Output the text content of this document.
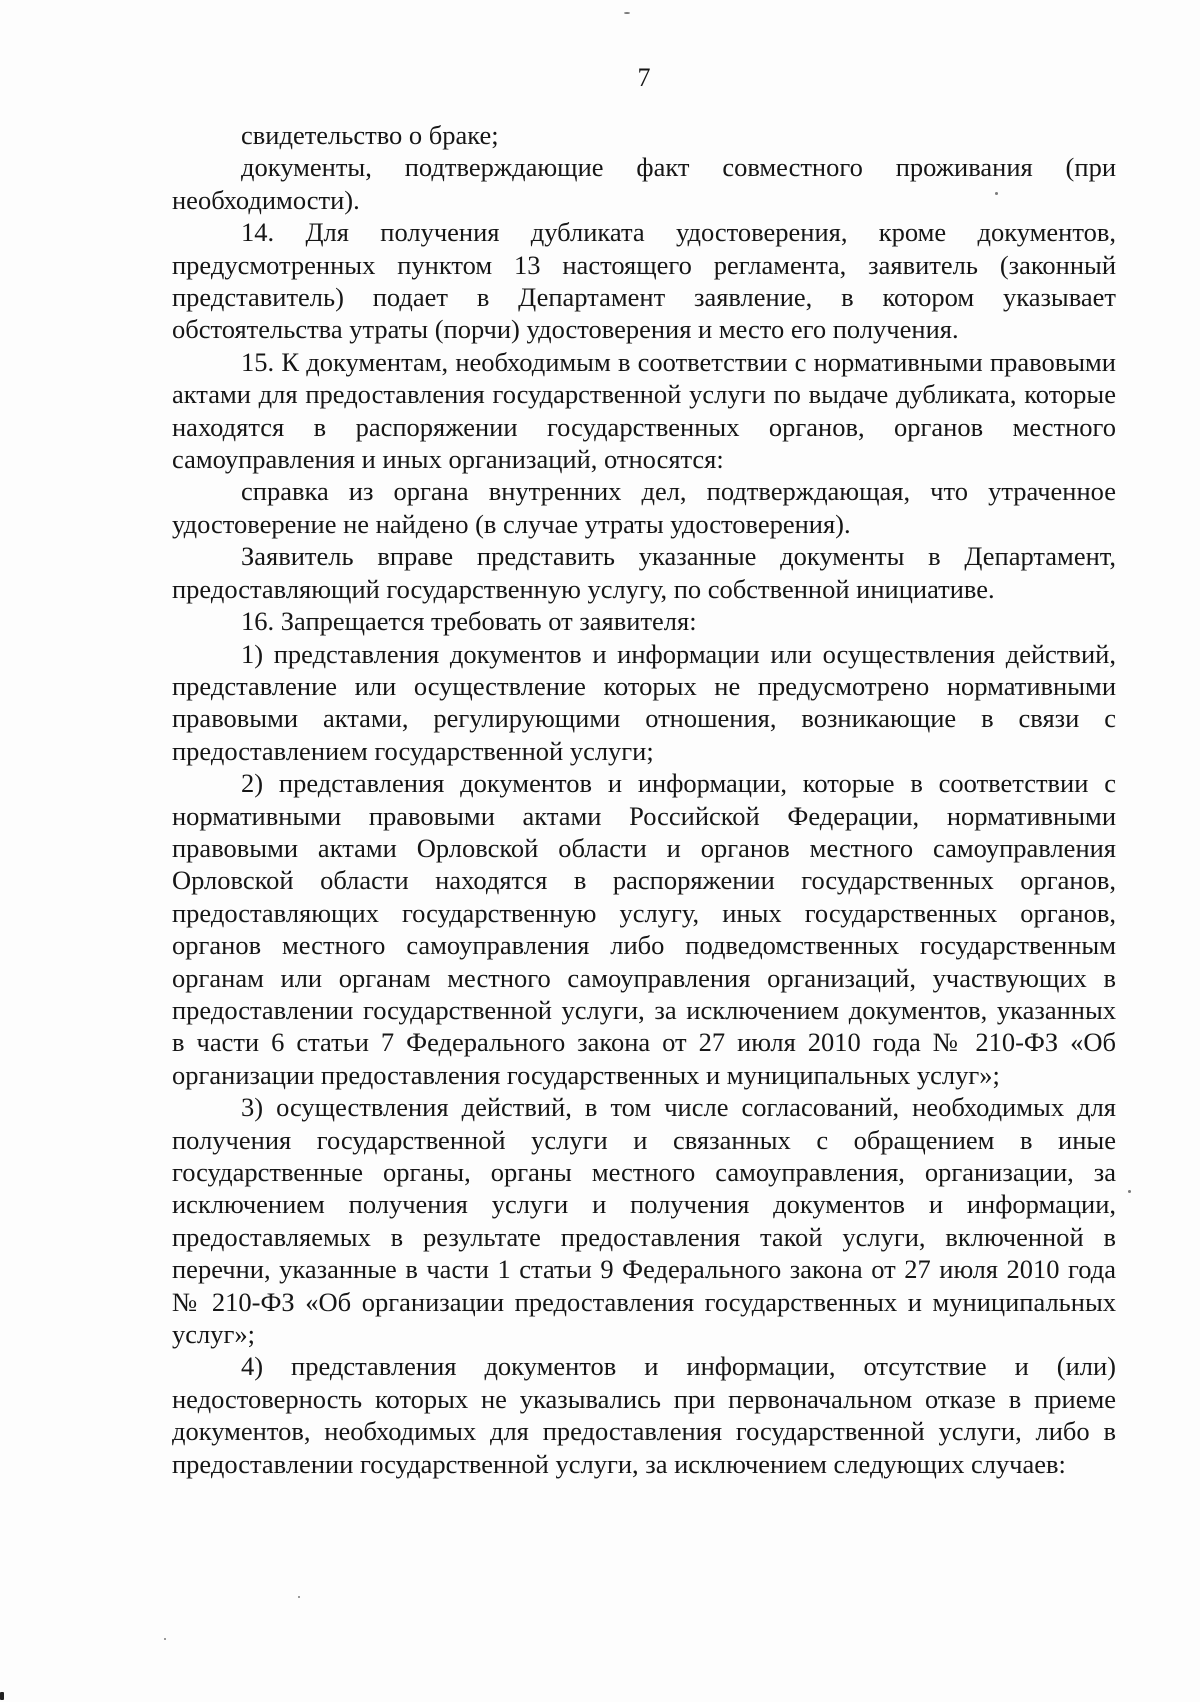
7

свидетельство о браке;

документы, подтверждающие факт совместного проживания (при необходимости).

14. Для получения дубликата удостоверения, кроме документов, предусмотренных пунктом 13 настоящего регламента, заявитель (законный представитель) подает в Департамент заявление, в котором указывает обстоятельства утраты (порчи) удостоверения и место его получения.

15. К документам, необходимым в соответствии с нормативными правовыми актами для предоставления государственной услуги по выдаче дубликата, которые находятся в распоряжении государственных органов, органов местного самоуправления и иных организаций, относятся:

справка из органа внутренних дел, подтверждающая, что утраченное удостоверение не найдено (в случае утраты удостоверения).

Заявитель вправе представить указанные документы в Департамент, предоставляющий государственную услугу, по собственной инициативе.

16. Запрещается требовать от заявителя:

1) представления документов и информации или осуществления действий, представление или осуществление которых не предусмотрено нормативными правовыми актами, регулирующими отношения, возникающие в связи с предоставлением государственной услуги;

2) представления документов и информации, которые в соответствии с нормативными правовыми актами Российской Федерации, нормативными правовыми актами Орловской области и органов местного самоуправления Орловской области находятся в распоряжении государственных органов, предоставляющих государственную услугу, иных государственных органов, органов местного самоуправления либо подведомственных государственным органам или органам местного самоуправления организаций, участвующих в предоставлении государственной услуги, за исключением документов, указанных в части 6 статьи 7 Федерального закона от 27 июля 2010 года № 210-ФЗ «Об организации предоставления государственных и муниципальных услуг»;

3) осуществления действий, в том числе согласований, необходимых для получения государственной услуги и связанных с обращением в иные государственные органы, органы местного самоуправления, организации, за исключением получения услуги и получения документов и информации, предоставляемых в результате предоставления такой услуги, включенной в перечни, указанные в части 1 статьи 9 Федерального закона от 27 июля 2010 года № 210-ФЗ «Об организации предоставления государственных и муниципальных услуг»;

4) представления документов и информации, отсутствие и (или) недостоверность которых не указывались при первоначальном отказе в приеме документов, необходимых для предоставления государственной услуги, либо в предоставлении государственной услуги, за исключением следующих случаев:
